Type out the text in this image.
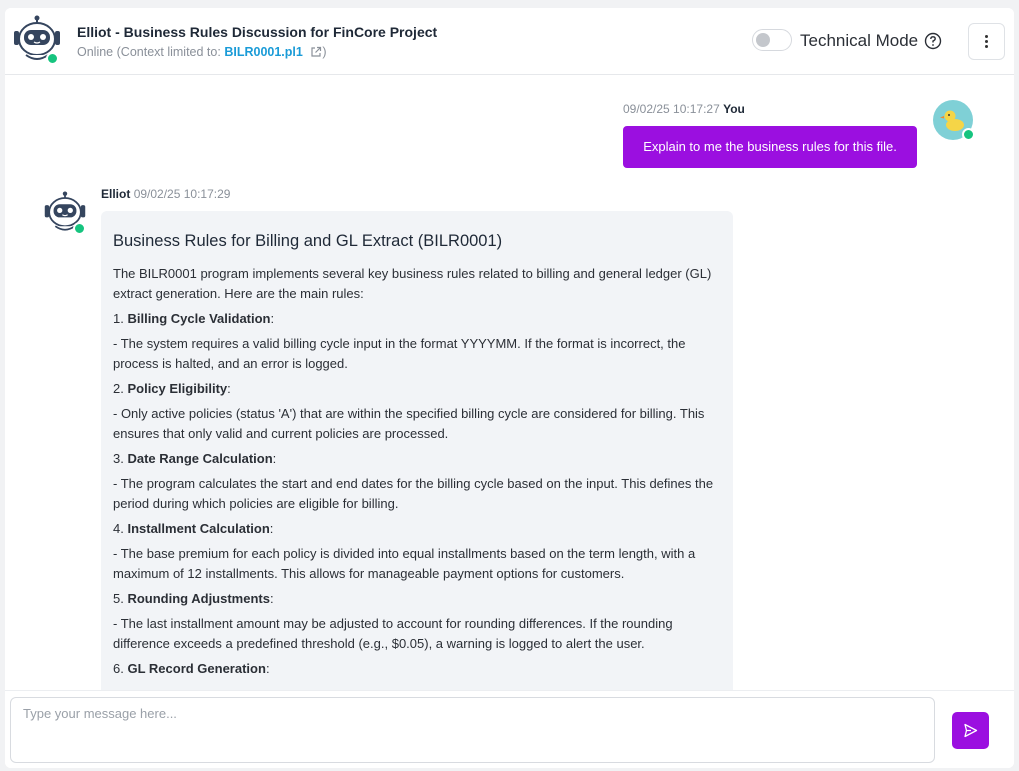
Elliot - Business Rules Discussion for FinCore Project
Online (Context limited to: BILR0001.pl1 )
Technical Mode
09/02/25 10:17:27 You
Explain to me the business rules for this file.
Elliot 09/02/25 10:17:29
Business Rules for Billing and GL Extract (BILR0001)

The BILR0001 program implements several key business rules related to billing and general ledger (GL) extract generation. Here are the main rules:

1. Billing Cycle Validation:

- The system requires a valid billing cycle input in the format YYYYMM. If the format is incorrect, the process is halted, and an error is logged.

2. Policy Eligibility:

- Only active policies (status 'A') that are within the specified billing cycle are considered for billing. This ensures that only valid and current policies are processed.

3. Date Range Calculation:

- The program calculates the start and end dates for the billing cycle based on the input. This defines the period during which policies are eligible for billing.

4. Installment Calculation:

- The base premium for each policy is divided into equal installments based on the term length, with a maximum of 12 installments. This allows for manageable payment options for customers.

5. Rounding Adjustments:

- The last installment amount may be adjusted to account for rounding differences. If the rounding difference exceeds a predefined threshold (e.g., $0.05), a warning is logged to alert the user.

6. GL Record Generation:

Type your message here...
